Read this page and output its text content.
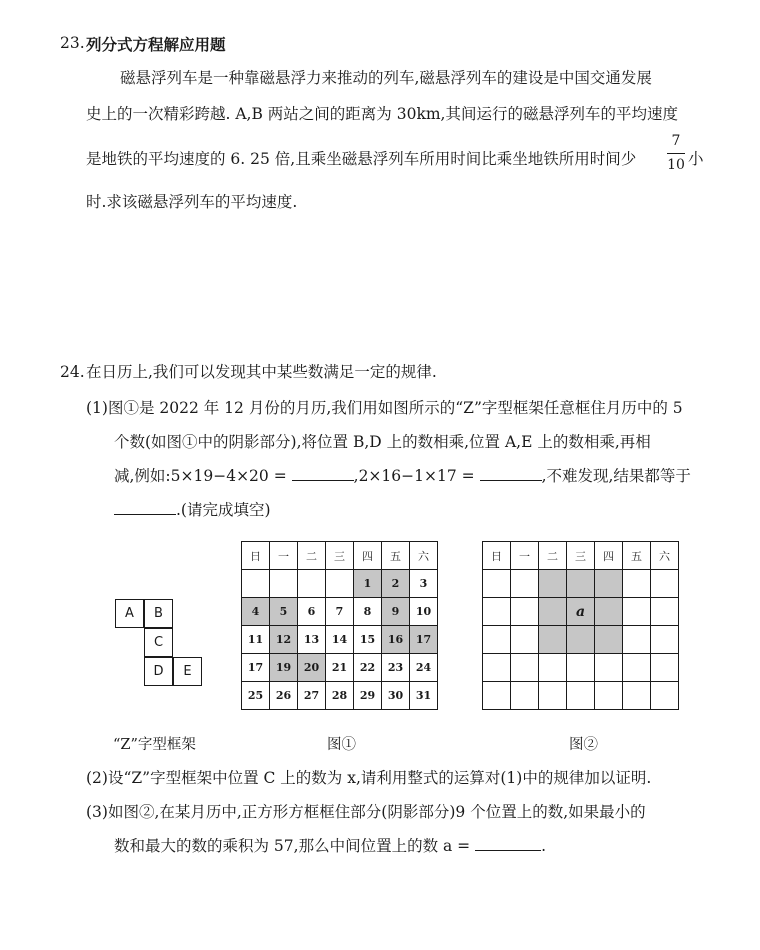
23. 列分式方程解应用题
磁悬浮列车是一种靠磁悬浮力来推动的列车,磁悬浮列车的建设是中国交通发展
史上的一次精彩跨越. A,B 两站之间的距离为 30km,其间运行的磁悬浮列车的平均速度
是地铁的平均速度的 6. 25 倍,且乘坐磁悬浮列车所用时间比乘坐地铁所用时间少
7
10 小
时.求该磁悬浮列车的平均速度.
24. 在日历上,我们可以发现其中某些数满足一定的规律.
(1)图①是 2022 年 12 月份的月历,我们用如图所示的“Z”字型框架任意框住月历中的 5
个数(如图①中的阴影部分),将位置 B,D 上的数相乘,位置 A,E 上的数相乘,再相
减,例如:5×19−4×20 =	,2×16−1×17 =	,不难发现,结果都等于
.(请完成填空)
A	B
C
D	E
“Z”字型框架
日	一	二	三	四	五	六
				1	2	3
4	5	6	7	8	9	10
11	12	13	14	15	16	17
17	19	20	21	22	23	24
25	26	27	28	29	30	31
图①
日	一	二	三	四	五	六

			a			

图②
(2)设“Z”字型框架中位置 C 上的数为 x,请利用整式的运算对(1)中的规律加以证明.
(3)如图②,在某月历中,正方形方框框住部分(阴影部分)9 个位置上的数,如果最小的
数和最大的数的乘积为 57,那么中间位置上的数 a =	.
